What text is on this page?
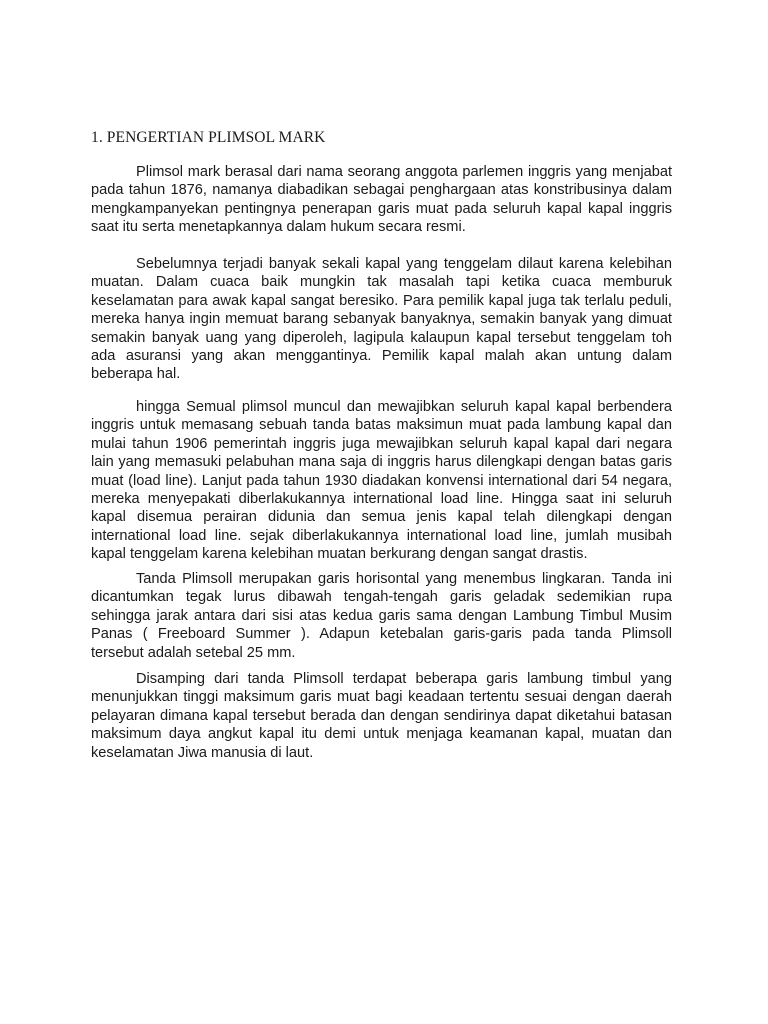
1. PENGERTIAN PLIMSOL MARK
Plimsol mark berasal dari nama seorang anggota parlemen inggris yang menjabat
pada tahun 1876, namanya diabadikan sebagai penghargaan atas konstribusinya dalam
mengkampanyekan pentingnya penerapan garis muat pada seluruh kapal kapal inggris
saat itu serta menetapkannya dalam hukum secara resmi.
Sebelumnya terjadi banyak sekali kapal yang tenggelam dilaut karena kelebihan
muatan. Dalam cuaca baik mungkin tak masalah tapi ketika cuaca memburuk
keselamatan para awak kapal sangat beresiko. Para pemilik kapal juga tak terlalu peduli,
mereka hanya ingin memuat barang sebanyak banyaknya, semakin banyak yang dimuat
semakin banyak uang yang diperoleh, lagipula kalaupun kapal tersebut tenggelam toh
ada asuransi yang akan menggantinya. Pemilik kapal malah akan untung dalam
beberapa hal.
hingga Semual plimsol muncul dan mewajibkan seluruh kapal kapal berbendera
inggris untuk memasang sebuah tanda batas maksimun muat pada lambung kapal dan
mulai tahun 1906 pemerintah inggris juga mewajibkan seluruh kapal kapal dari negara
lain yang memasuki pelabuhan mana saja di inggris harus dilengkapi dengan batas garis
muat (load line). Lanjut pada tahun 1930 diadakan konvensi international dari 54 negara,
mereka menyepakati diberlakukannya international load line. Hingga saat ini seluruh
kapal disemua perairan didunia dan semua jenis kapal telah dilengkapi dengan
international load line. sejak diberlakukannya international load line, jumlah musibah
kapal tenggelam karena kelebihan muatan berkurang dengan sangat drastis.
Tanda Plimsoll merupakan garis horisontal yang menembus lingkaran. Tanda ini
dicantumkan tegak lurus dibawah tengah-tengah garis geladak sedemikian rupa
sehingga jarak antara dari sisi atas kedua garis sama dengan Lambung Timbul Musim
Panas ( Freeboard Summer ). Adapun ketebalan garis-garis pada tanda Plimsoll
tersebut adalah setebal 25 mm.
Disamping dari tanda Plimsoll terdapat beberapa garis lambung timbul yang
menunjukkan tinggi maksimum garis muat bagi keadaan tertentu sesuai dengan daerah
pelayaran dimana kapal tersebut berada dan dengan sendirinya dapat diketahui batasan
maksimum daya angkut kapal itu demi untuk menjaga keamanan kapal, muatan dan
keselamatan Jiwa manusia di laut.
